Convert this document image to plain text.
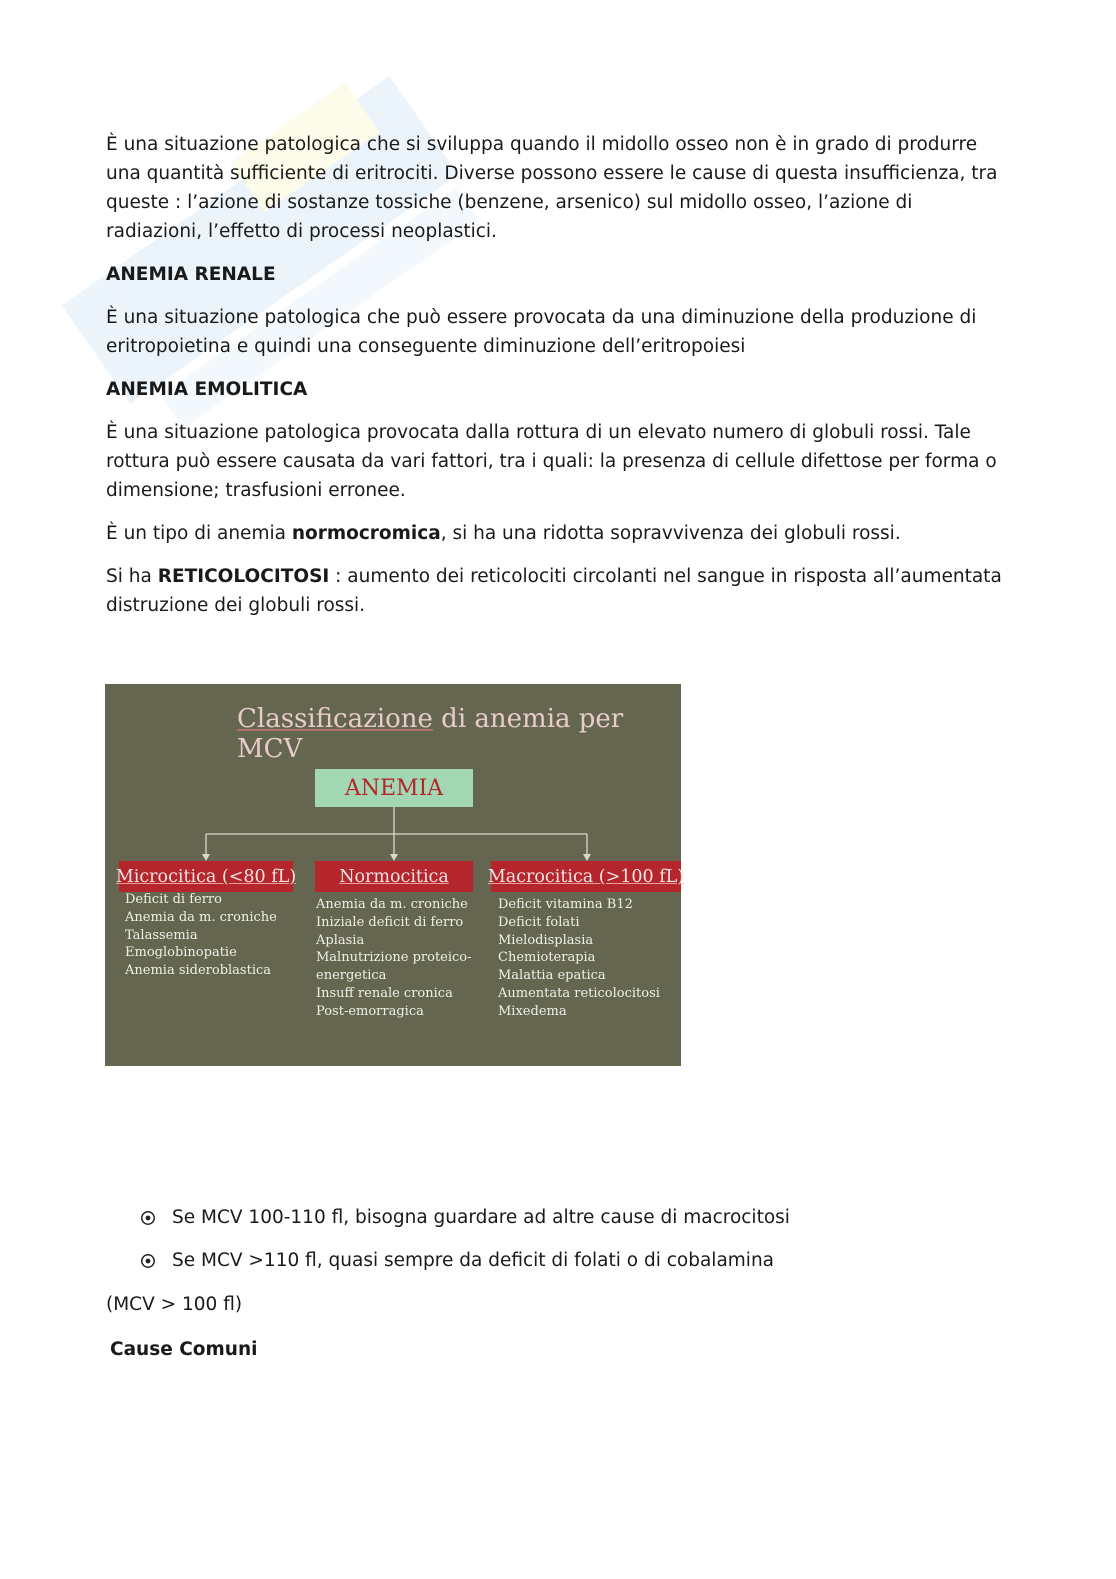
È una situazione patologica che si sviluppa quando il midollo osseo non è in grado di produrre una quantità sufficiente di eritrociti. Diverse possono essere le cause di questa insufficienza, tra queste : l’azione di sostanze tossiche (benzene, arsenico) sul midollo osseo, l’azione di radiazioni, l’effetto di processi neoplastici.

ANEMIA RENALE

È una situazione patologica che può essere provocata da una diminuzione della produzione di eritropoietina e quindi una conseguente diminuzione dell’eritropoiesi

ANEMIA EMOLITICA

È una situazione patologica provocata dalla rottura di un elevato numero di globuli rossi. Tale rottura può essere causata da vari fattori, tra i quali: la presenza di cellule difettose per forma o dimensione; trasfusioni erronee.

È un tipo di anemia normocromica, si ha una ridotta sopravvivenza dei globuli rossi.

Si ha RETICOLOCITOSI : aumento dei reticolociti circolanti nel sangue in risposta all’aumentata distruzione dei globuli rossi.

Classificazione di anemia per MCV
ANEMIA
Microcitica (<80 fL) Normocitica Macrocitica (>100 fL)
Deficit di ferro
Anemia da m. croniche
Talassemia
Emoglobinopatie
Anemia sideroblastica
Anemia da m. croniche
Iniziale deficit di ferro
Aplasia
Malnutrizione proteico-
energetica
Insuff renale cronica
Post-emorragica
Deficit vitamina B12
Deficit folati
Mielodisplasia
Chemioterapia
Malattia epatica
Aumentata reticolocitosi
Mixedema
Se MCV 100-110 fl, bisogna guardare ad altre cause di macrocitosi
Se MCV >110 fl, quasi sempre da deficit di folati o di cobalamina
(MCV > 100 fl)
Cause Comuni
